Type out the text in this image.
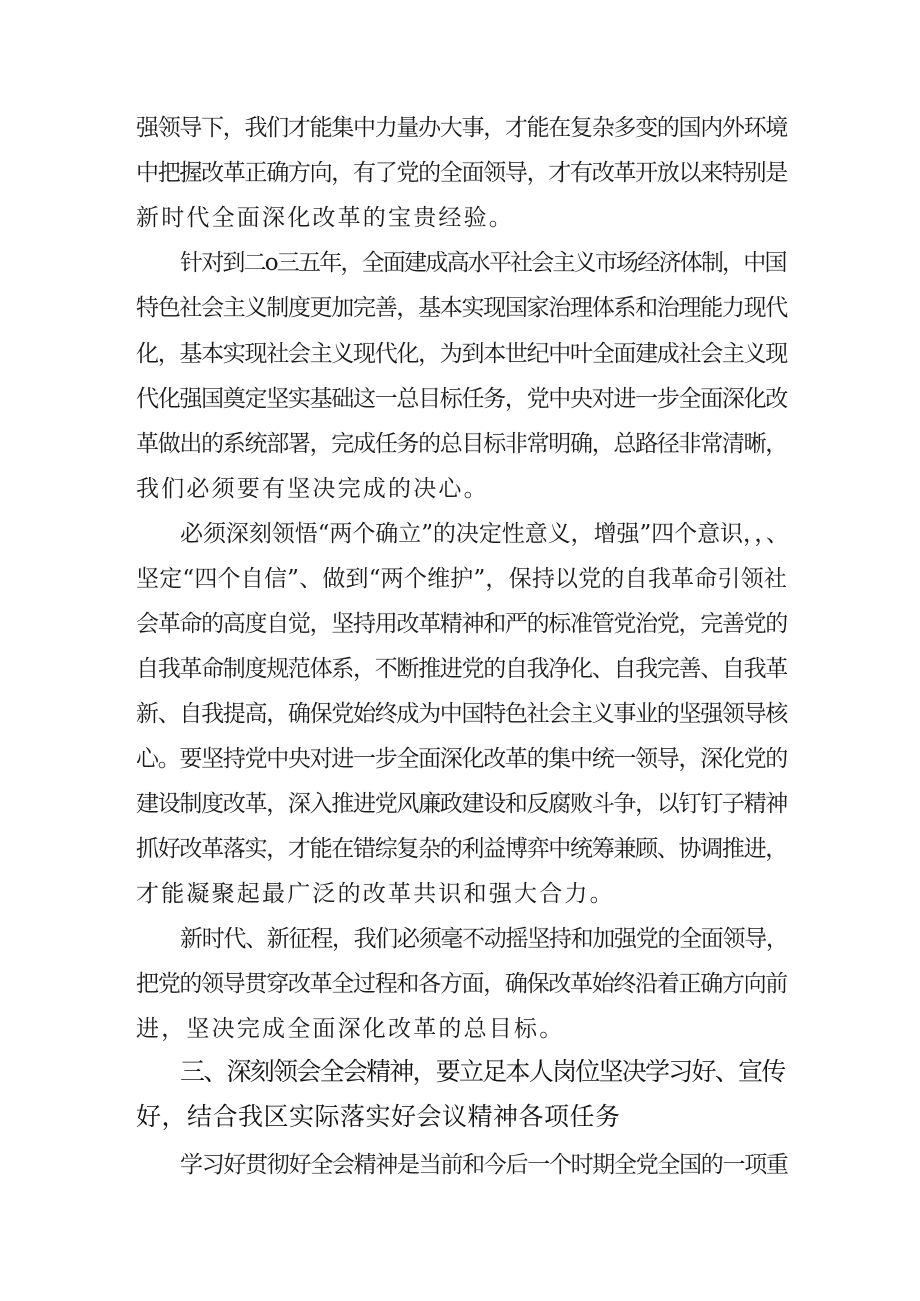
强领导下，我们才能集中力量办大事，才能在复杂多变的国内外环境
中把握改革正确方向，有了党的全面领导，才有改革开放以来特别是
新时代全面深化改革的宝贵经验。
针对到二o三五年，全面建成高水平社会主义市场经济体制，中国
特色社会主义制度更加完善，基本实现国家治理体系和治理能力现代
化，基本实现社会主义现代化，为到本世纪中叶全面建成社会主义现
代化强国奠定坚实基础这一总目标任务，党中央对进一步全面深化改
革做出的系统部署，完成任务的总目标非常明确，总路径非常清晰，
我们必须要有坚决完成的决心。
必须深刻领悟“两个确立”的决定性意义，增强”四个意识，，、
坚定“四个自信”、做到“两个维护”，保持以党的自我革命引领社
会革命的高度自觉，坚持用改革精神和严的标准管党治党，完善党的
自我革命制度规范体系，不断推进党的自我净化、自我完善、自我革
新、自我提高，确保党始终成为中国特色社会主义事业的坚强领导核
心。要坚持党中央对进一步全面深化改革的集中统一领导，深化党的
建设制度改革，深入推进党风廉政建设和反腐败斗争，以钉钉子精神
抓好改革落实，才能在错综复杂的利益博弈中统筹兼顾、协调推进，
才能凝聚起最广泛的改革共识和强大合力。
新时代、新征程，我们必须毫不动摇坚持和加强党的全面领导，
把党的领导贯穿改革全过程和各方面，确保改革始终沿着正确方向前
进，坚决完成全面深化改革的总目标。
三、深刻领会全会精神，要立足本人岗位坚决学习好、宣传
好，结合我区实际落实好会议精神各项任务
学习好贯彻好全会精神是当前和今后一个时期全党全国的一项重
